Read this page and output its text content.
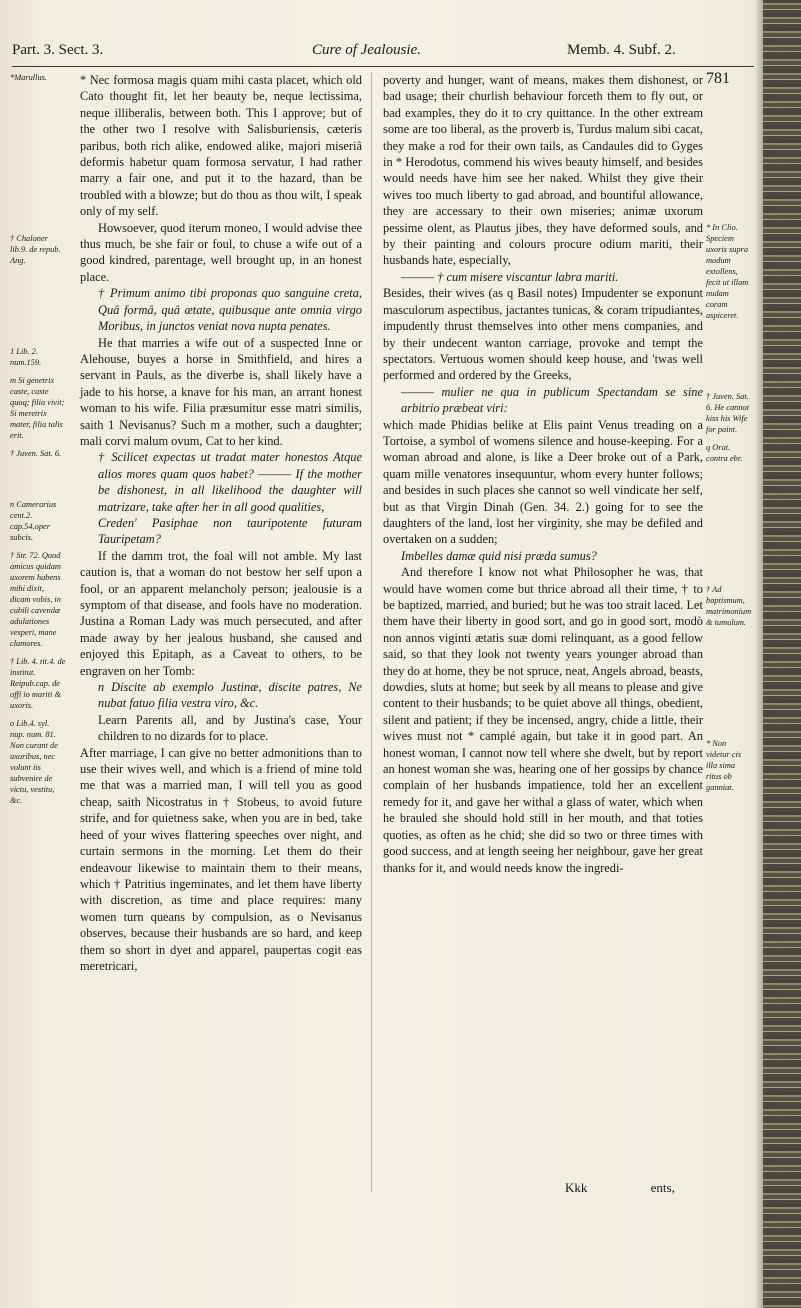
Part. 3. Sect. 3.	Cure of Jealousie.	Memb. 4. Subf. 2.
781
*Marullus.
† Chaloner lib.9. de repub. Ang.
1 Lib. 2. num.159.
m Si genetrix caste, caste quoq; filia vivit; Si meretrix mater, filia talis erit.
† Juven. Sat. 6.
n Camerarius cent.2. cap.54.oper subcis.
† Str. 72. Quod amicus quidam uxorem habens mihi dixit, dicam vobis, in cubili cavendæ adulationes vesperi, mane clamores.
† Lib. 4. tit.4. de institut. Reipub.cap. de offi io mariti & uxoris.
o Lib.4. syl. nup. num. 81. Non curant de uxoribus, nec volunt iis subvenire de victu, vestitu, &c.

* Nec formosa magis quam mihi casta placet, which old Cato thought fit, let her beauty be, neque lectissima, neque illiberalis, between both. This I approve; but of the other two I resolve with Salisburiensis, cæteris paribus, both rich alike, endowed alike, majori miseriâ deformis habetur quam formosa servatur, I had rather marry a fair one, and put it to the hazard, than be troubled with a blowze; but do thou as thou wilt, I speak only of my self.

Howsoever, quod iterum moneo, I would advise thee thus much, be she fair or foul, to chuse a wife out of a good kindred, parentage, well brought up, in an honest place.

† Primum animo tibi proponas quo sanguine creta, Quâ formâ, quâ ætate, quibusque ante omnia virgo Moribus, in junctos veniat nova nupta penates.

He that marries a wife out of a suspected Inne or Alehouse, buyes a horse in Smithfield, and hires a servant in Pauls, as the diverbe is, shall likely have a jade to his horse, a knave for his man, an arrant honest woman to his wife. Filia præsumitur esse matri similis, saith 1 Nevisanus? Such m a mother, such a daughter; mali corvi malum ovum, Cat to her kind.

† Scilicet expectas ut tradat mater honestos Atque alios mores quam quos habet? ——— If the mother be dishonest, in all likelihood the daughter will matrizare, take after her in all good qualities,

Creden' Pasiphae non tauripotente futuram Tauripetam?

If the damm trot, the foal will not amble. My last caution is, that a woman do not bestow her self upon a fool, or an apparent melancholy person; jealousie is a symptom of that disease, and fools have no moderation. Justina a Roman Lady was much persecuted, and after made away by her jealous husband, she caused and enjoyed this Epitaph, as a Caveat to others, to be engraven on her Tomb:

n Discite ab exemplo Justinæ, discite patres, Ne nubat fatuo filia vestra viro, &c.

Learn Parents all, and by Justina's case, Your children to no dizards for to place.

After marriage, I can give no better admonitions than to use their wives well, and which is a friend of mine told me that was a married man, I will tell you as good cheap, saith Nicostratus in † Stobeus, to avoid future strife, and for quietness sake, when you are in bed, take heed of your wives flattering speeches over night, and curtain sermons in the morning. Let them do their endeavour likewise to maintain them to their means, which † Patritius ingeminates, and let them have liberty with discretion, as time and place requires: many women turn queans by compulsion, as o Nevisanus observes, because their husbands are so hard, and keep them so short in dyet and apparel, paupertas cogit eas meretricari,

poverty and hunger, want of means, makes them dishonest, or bad usage; their churlish behaviour forceth them to fly out, or bad examples, they do it to cry quittance. In the other extream some are too liberal, as the proverb is, Turdus malum sibi cacat, they make a rod for their own tails, as Candaules did to Gyges in * Herodotus, commend his wives beauty himself, and besides would needs have him see her naked. Whilst they give their wives too much liberty to gad abroad, and bountiful allowance, they are accessary to their own miseries; animæ uxorum pessime olent, as Plautus jibes, they have deformed souls, and by their painting and colours procure odium mariti, their husbands hate, especially,

——— † cum misere viscantur labra mariti.

Besides, their wives (as q Basil notes) Impudenter se exponunt masculorum aspectibus, jactantes tunicas, & coram tripudiantes, impudently thrust themselves into other mens companies, and by their undecent wanton carriage, provoke and tempt the spectators. Vertuous women should keep house, and 'twas well performed and ordered by the Greeks,

——— mulier ne qua in publicum Spectandam se sine arbitrio præbeat viri:

which made Phidias belike at Elis paint Venus treading on a Tortoise, a symbol of womens silence and house-keeping. For a woman abroad and alone, is like a Deer broke out of a Park, quam mille venatores insequuntur, whom every hunter follows; and besides in such places she cannot so well vindicate her self, but as that Virgin Dinah (Gen. 34. 2.) going for to see the daughters of the land, lost her virginity, she may be defiled and overtaken on a sudden;

Imbelles damæ quid nisi præda sumus?

And therefore I know not what Philosopher he was, that would have women come but thrice abroad all their time, † to be baptized, married, and buried; but he was too strait laced. Let them have their liberty in good sort, and go in good sort, modò non annos viginti ætatis suæ domi relinquant, as a good fellow said, so that they look not twenty years younger abroad than they do at home, they be not spruce, neat, Angels abroad, beasts, dowdies, sluts at home; but seek by all means to please and give content to their husbands; to be quiet above all things, obedient, silent and patient; if they be incensed, angry, chide a little, their wives must not * camplé again, but take it in good part. An honest woman, I cannot now tell where she dwelt, but by report an honest woman she was, hearing one of her gossips by chance complain of her husbands impatience, told her an excellent remedy for it, and gave her withal a glass of water, which when he brauled she should hold still in her mouth, and that toties quoties, as often as he chid; she did so two or three times with good success, and at length seeing her neighbour, gave her great thanks for it, and would needs know the ingredi-

* In Clio. Speciem uxoris supra modum extollens, fecit ut illam nudam coram aspiceret.
† Juven. Sat. 6. He cannot kiss his Wife for paint.
q Orat. contra ebr.
† Ad baptismum, matrimonium & tumulum.
* Non videtur cis illa sima ritus ob ganniat.
Kkk	ents,
